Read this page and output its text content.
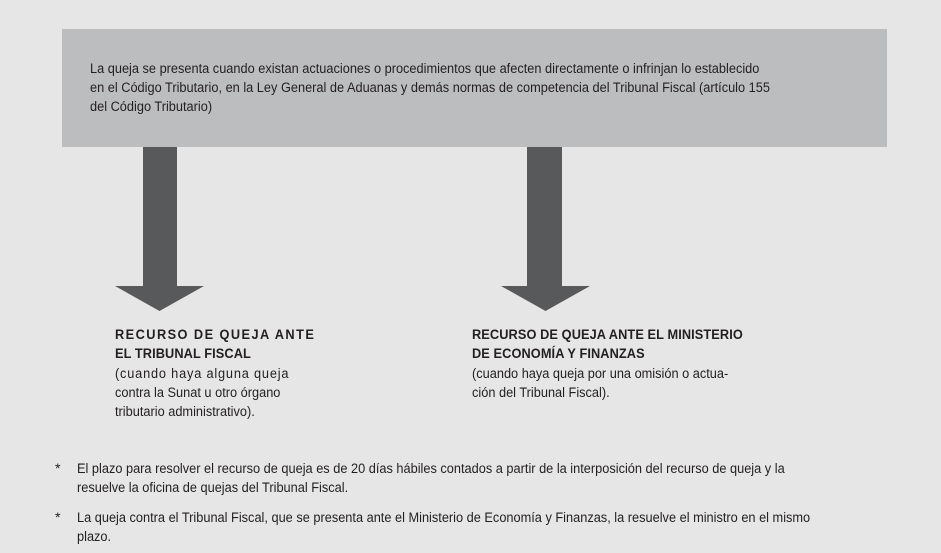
La queja se presenta cuando existan actuaciones o procedimientos que afecten directamente o infrinjan lo establecido
en el Código Tributario, en la Ley General de Aduanas y demás normas de competencia del Tribunal Fiscal (artículo 155
del Código Tributario)
RECURSO DE QUEJA ANTE
EL TRIBUNAL FISCAL
(cuando haya alguna queja
contra la Sunat u otro órgano
tributario administrativo).
RECURSO DE QUEJA ANTE EL MINISTERIO
DE ECONOMÍA Y FINANZAS
(cuando haya queja por una omisión o actua-
ción del Tribunal Fiscal).
* El plazo para resolver el recurso de queja es de 20 días hábiles contados a partir de la interposición del recurso de queja y la
resuelve la oficina de quejas del Tribunal Fiscal.
* La queja contra el Tribunal Fiscal, que se presenta ante el Ministerio de Economía y Finanzas, la resuelve el ministro en el mismo
plazo.
